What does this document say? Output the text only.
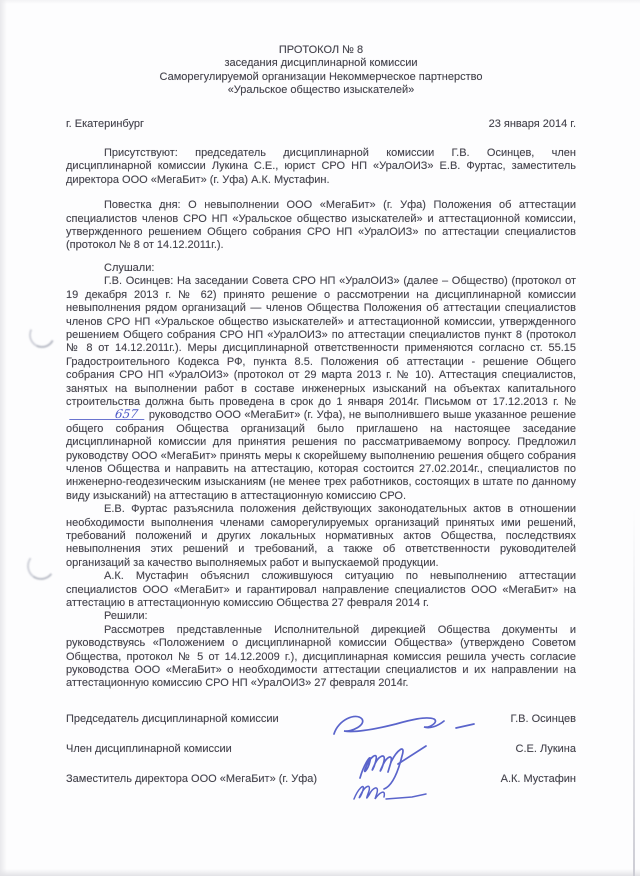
ПРОТОКОЛ № 8
заседания дисциплинарной комиссии
Саморегулируемой организации Некоммерческое партнерство
«Уральское общество изыскателей»
г. Екатеринбург	23 января 2014 г.

Присутствуют: председатель дисциплинарной комиссии Г.В. Осинцев, член дисциплинарной комиссии Лукина С.Е., юрист СРО НП «УралОИЗ» Е.В. Фуртас, заместитель директора ООО «МегаБит» (г. Уфа) А.К. Мустафин.

Повестка дня: О невыполнении ООО «МегаБит» (г. Уфа) Положения об аттестации специалистов членов СРО НП «Уральское общество изыскателей» и аттестационной комиссии, утвержденного решением Общего собрания СРО НП «УралОИЗ» по аттестации специалистов (протокол № 8 от 14.12.2011г.).

Слушали:

Г.В. Осинцев: На заседании Совета СРО НП «УралОИЗ» (далее – Общество) (протокол от 19 декабря 2013 г. № 62) принято решение о рассмотрении на дисциплинарной комиссии невыполнения рядом организаций — членов Общества Положения об аттестации специалистов членов СРО НП «Уральское общество изыскателей» и аттестационной комиссии, утвержденного решением Общего собрания СРО НП «УралОИЗ» по аттестации специалистов пункт 8 (протокол № 8 от 14.12.2011г.). Меры дисциплинарной ответственности применяются согласно ст. 55.15 Градостроительного Кодекса РФ, пункта 8.5. Положения об аттестации - решение Общего собрания СРО НП «УралОИЗ» (протокол от 29 марта 2013 г. № 10). Аттестация специалистов, занятых на выполнении работ в составе инженерных изысканий на объектах капитального строительства должна быть проведена в срок до 1 января 2014г. Письмом от 17.12.2013 г. №657 руководство ООО «МегаБит» (г. Уфа), не выполнившего выше указанное решение общего собрания Общества организаций было приглашено на настоящее заседание дисциплинарной комиссии для принятия решения по рассматриваемому вопросу. Предложил руководству ООО «МегаБит» принять меры к скорейшему выполнению решения общего собрания членов Общества и направить на аттестацию, которая состоится 27.02.2014г., специалистов по инженерно-геодезическим изысканиям (не менее трех работников, состоящих в штате по данному виду изысканий) на аттестацию в аттестационную комиссию СРО.

Е.В. Фуртас разъяснила положения действующих законодательных актов в отношении необходимости выполнения членами саморегулируемых организаций принятых ими решений, требований положений и других локальных нормативных актов Общества, последствиях невыполнения этих решений и требований, а также об ответственности руководителей организаций за качество выполняемых работ и выпускаемой продукции.

А.К. Мустафин объяснил сложившуюся ситуацию по невыполнению аттестации специалистов ООО «МегаБит» и гарантировал направление специалистов ООО «МегаБит» на аттестацию в аттестационную комиссию Общества 27 февраля 2014 г.

Решили:

Рассмотрев представленные Исполнительной дирекцией Общества документы и руководствуясь «Положением о дисциплинарной комиссии Общества» (утверждено Советом Общества, протокол № 5 от 14.12.2009 г.), дисциплинарная комиссия решила учесть согласие руководства ООО «МегаБит» о необходимости аттестации специалистов и их направлении на аттестационную комиссию СРО НП «УралОИЗ» 27 февраля 2014г.

Председатель дисциплинарной комиссии	Г.В. Осинцев
Член дисциплинарной комиссии	С.Е. Лукина
Заместитель директора ООО «МегаБит» (г. Уфа)	А.К. Мустафин
